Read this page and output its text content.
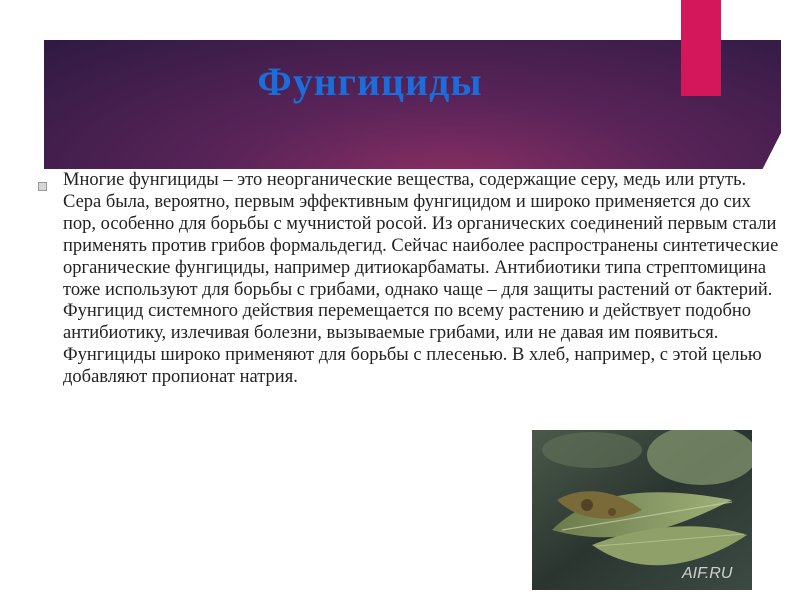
Фунгициды

Многие фунгициды – это неорганические вещества, содержащие серу, медь или ртуть. Сера была, вероятно, первым эффективным фунгицидом и широко применяется до сих пор, особенно для борьбы с мучнистой росой. Из органических соединений первым стали применять против грибов формальдегид. Сейчас наиболее распространены синтетические органические фунгициды, например дитиокарбаматы. Антибиотики типа стрептомицина тоже используют для борьбы с грибами, однако чаще – для защиты растений от бактерий. Фунгицид системного действия перемещается по всему растению и действует подобно антибиотику, излечивая болезни, вызываемые грибами, или не давая им появиться. Фунгициды широко применяют для борьбы с плесенью. В хлеб, например, с этой целью добавляют пропионат натрия.

AIF.RU
